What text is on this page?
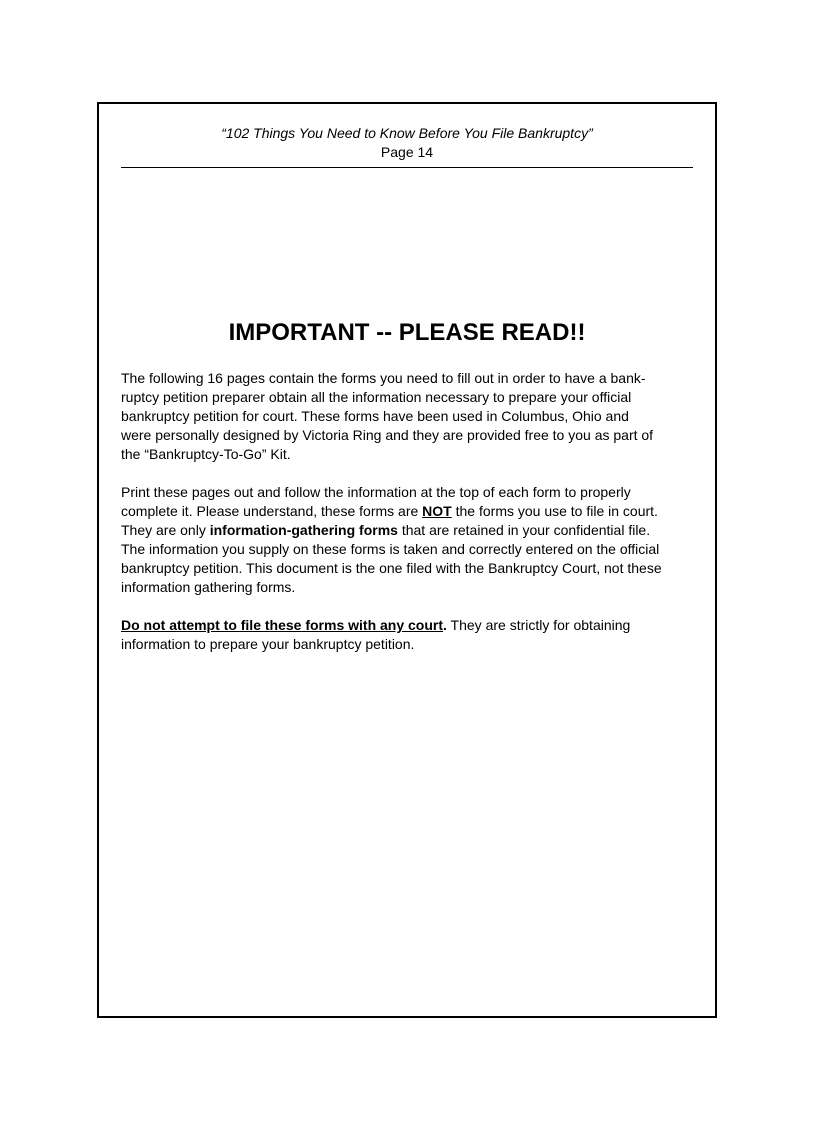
“102 Things You Need to Know Before You File Bankruptcy”
Page 14
IMPORTANT -- PLEASE READ!!

The following 16 pages contain the forms you need to fill out in order to have a bank-
ruptcy petition preparer obtain all the information necessary to prepare your official
bankruptcy petition for court. These forms have been used in Columbus, Ohio and
were personally designed by Victoria Ring and they are provided free to you as part of
the “Bankruptcy-To-Go” Kit.

Print these pages out and follow the information at the top of each form to properly
complete it. Please understand, these forms are NOT the forms you use to file in court.
They are only information-gathering forms that are retained in your confidential file.
The information you supply on these forms is taken and correctly entered on the official
bankruptcy petition. This document is the one filed with the Bankruptcy Court, not these
information gathering forms.

Do not attempt to file these forms with any court. They are strictly for obtaining
information to prepare your bankruptcy petition.
